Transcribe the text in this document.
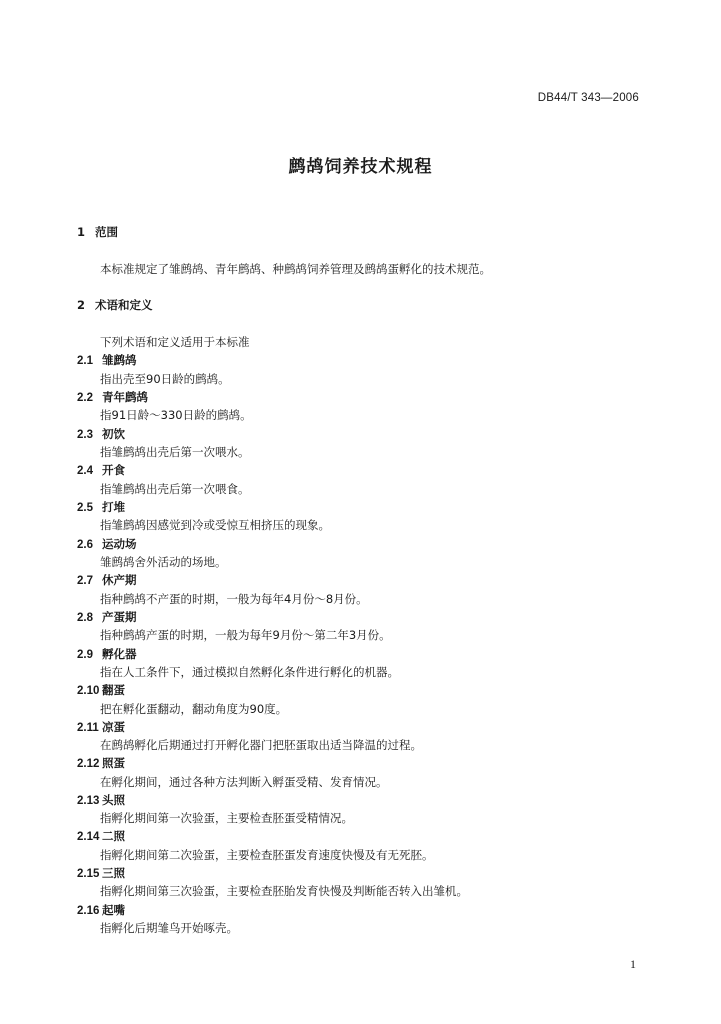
DB44/T 343—2006
鹧鸪饲养技术规程
1 范围
本标准规定了雏鹧鸪、青年鹧鸪、种鹧鸪饲养管理及鹧鸪蛋孵化的技术规范。
2 术语和定义
下列术语和定义适用于本标准
2.1 雏鹧鸪
指出壳至90日龄的鹧鸪。
2.2 青年鹧鸪
指91日龄～330日龄的鹧鸪。
2.3 初饮
指雏鹧鸪出壳后第一次喂水。
2.4 开食
指雏鹧鸪出壳后第一次喂食。
2.5 打堆
指雏鹧鸪因感觉到冷或受惊互相挤压的现象。
2.6 运动场
雏鹧鸪舍外活动的场地。
2.7 休产期
指种鹧鸪不产蛋的时期，一般为每年4月份～8月份。
2.8 产蛋期
指种鹧鸪产蛋的时期，一般为每年9月份～第二年3月份。
2.9 孵化器
指在人工条件下，通过模拟自然孵化条件进行孵化的机器。
2.10 翻蛋
把在孵化蛋翻动，翻动角度为90度。
2.11 凉蛋
在鹧鸪孵化后期通过打开孵化器门把胚蛋取出适当降温的过程。
2.12 照蛋
在孵化期间，通过各种方法判断入孵蛋受精、发育情况。
2.13 头照
指孵化期间第一次验蛋，主要检查胚蛋受精情况。
2.14 二照
指孵化期间第二次验蛋，主要检查胚蛋发育速度快慢及有无死胚。
2.15 三照
指孵化期间第三次验蛋，主要检查胚胎发育快慢及判断能否转入出雏机。
2.16 起嘴
指孵化后期雏鸟开始啄壳。
1
